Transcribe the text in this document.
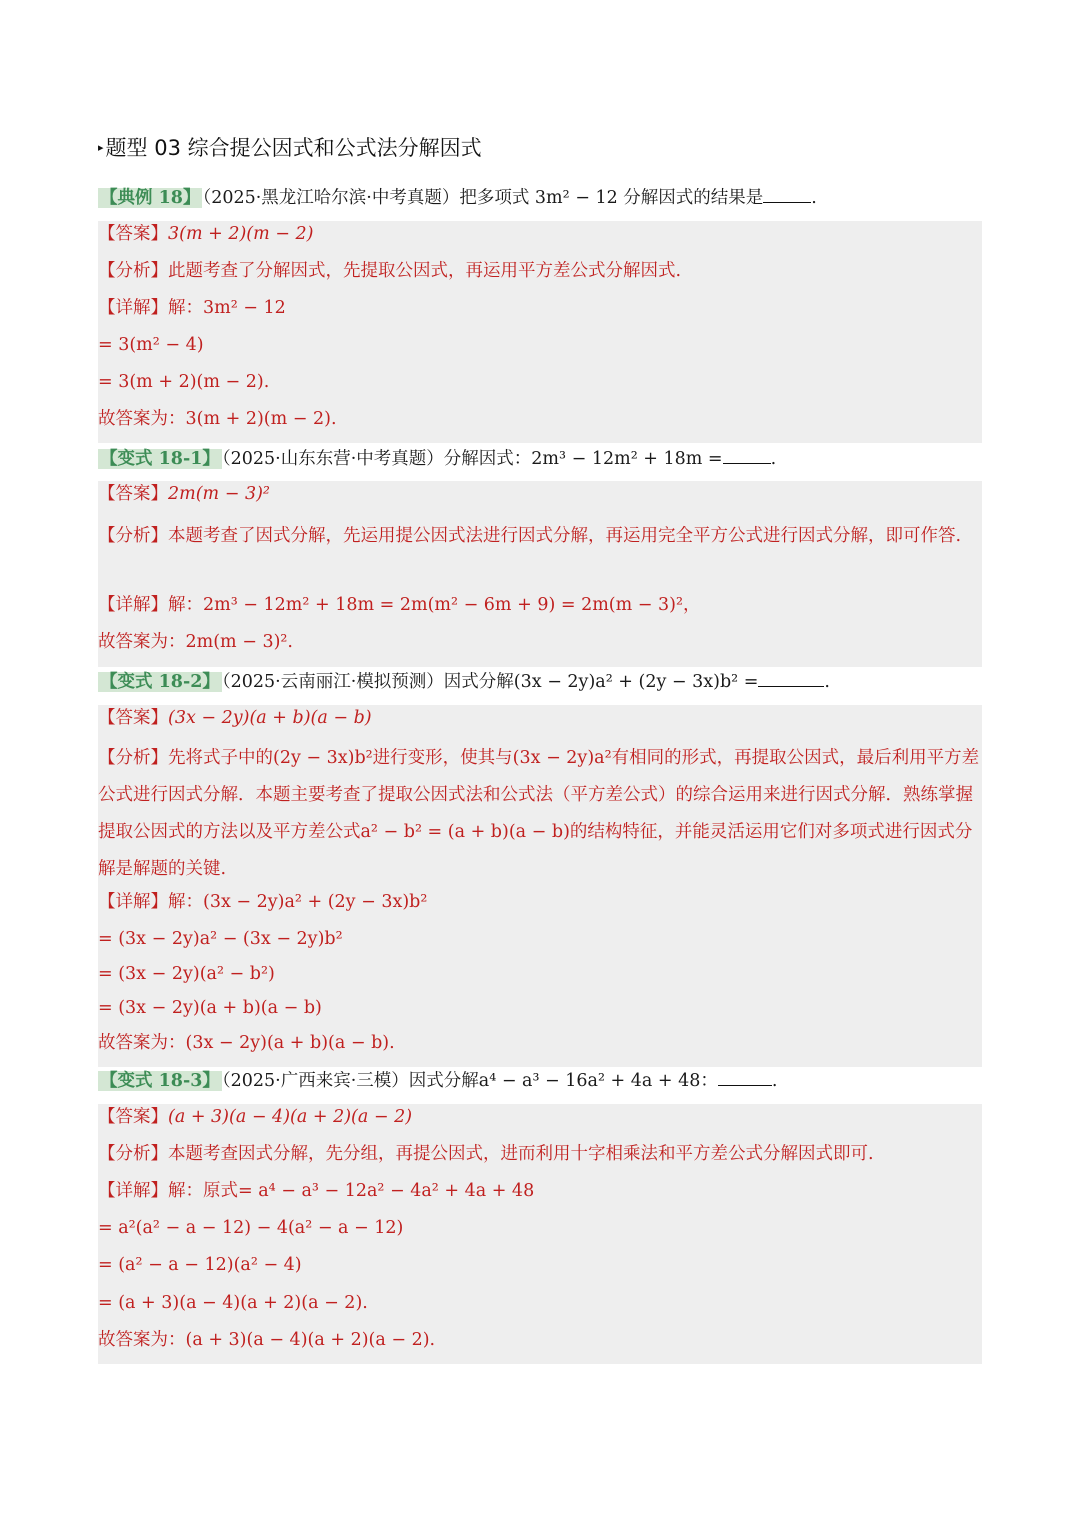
▸ 题型 03 综合提公因式和公式法分解因式
【典例 18】 （2025·黑龙江哈尔滨·中考真题）把多项式 3m² − 12 分解因式的结果是	.
【答案】3(m + 2)(m − 2)
【分析】此题考查了分解因式，先提取公因式，再运用平方差公式分解因式.
【详解】解：3m² − 12
= 3(m² − 4)
= 3(m + 2)(m − 2).
故答案为：3(m + 2)(m − 2).
【变式 18-1】 （2025·山东东营·中考真题）分解因式：2m³ − 12m² + 18m =	.
【答案】2m(m − 3)²
【分析】本题考查了因式分解，先运用提公因式法进行因式分解，再运用完全平方公式进行因式分解，即可作答.
【详解】解：2m³ − 12m² + 18m = 2m(m² − 6m + 9) = 2m(m − 3)²，
故答案为：2m(m − 3)².
【变式 18-2】 （2025·云南丽江·模拟预测）因式分解(3x − 2y)a² + (2y − 3x)b² =	.
【答案】(3x − 2y)(a + b)(a − b)
【分析】先将式子中的(2y − 3x)b²进行变形，使其与(3x − 2y)a²有相同的形式，再提取公因式，最后利用平方差公式进行因式分解．本题主要考查了提取公因式法和公式法（平方差公式）的综合运用来进行因式分解．熟练掌握提取公因式的方法以及平方差公式a² − b² = (a + b)(a − b)的结构特征，并能灵活运用它们对多项式进行因式分解是解题的关键.
【详解】解：(3x − 2y)a² + (2y − 3x)b²
= (3x − 2y)a² − (3x − 2y)b²
= (3x − 2y)(a² − b²)
= (3x − 2y)(a + b)(a − b)
故答案为：(3x − 2y)(a + b)(a − b).
【变式 18-3】 （2025·广西来宾·三模）因式分解a⁴ − a³ − 16a² + 4a + 48：	.
【答案】(a + 3)(a − 4)(a + 2)(a − 2)
【分析】本题考查因式分解，先分组，再提公因式，进而利用十字相乘法和平方差公式分解因式即可.
【详解】解：原式= a⁴ − a³ − 12a² − 4a² + 4a + 48
= a²(a² − a − 12) − 4(a² − a − 12)
= (a² − a − 12)(a² − 4)
= (a + 3)(a − 4)(a + 2)(a − 2).
故答案为：(a + 3)(a − 4)(a + 2)(a − 2).
